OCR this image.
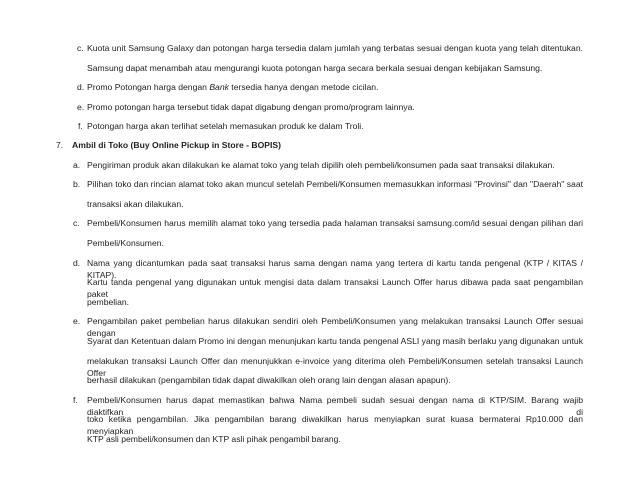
c. Kuota unit Samsung Galaxy dan potongan harga tersedia dalam jumlah yang terbatas sesuai dengan kuota yang telah ditentukan.
Samsung dapat menambah atau mengurangi kuota potongan harga secara berkala sesuai dengan kebijakan Samsung.
d. Promo Potongan harga dengan Bank tersedia hanya dengan metode cicilan.
e. Promo potongan harga tersebut tidak dapat digabung dengan promo/program lainnya.
f. Potongan harga akan terlihat setelah memasukan produk ke dalam Troli.
7. Ambil di Toko (Buy Online Pickup in Store - BOPIS)
a. Pengiriman produk akan dilakukan ke alamat toko yang telah dipilih oleh pembeli/konsumen pada saat transaksi dilakukan.
b. Pilihan toko dan rincian alamat toko akan muncul setelah Pembeli/Konsumen memasukkan informasi "Provinsi" dan "Daerah" saat
transaksi akan dilakukan.
c. Pembeli/Konsumen harus memilih alamat toko yang tersedia pada halaman transaksi samsung.com/id sesuai dengan pilihan dari
Pembeli/Konsumen.
d. Nama yang dicantumkan pada saat transaksi harus sama dengan nama yang tertera di kartu tanda pengenal (KTP / KITAS / KITAP).
Kartu tanda pengenal yang digunakan untuk mengisi data dalam transaksi Launch Offer harus dibawa pada saat pengambilan paket
pembelian.
e. Pengambilan paket pembelian harus dilakukan sendiri oleh Pembeli/Konsumen yang melakukan transaksi Launch Offer sesuai dengan
Syarat dan Ketentuan dalam Promo ini dengan menunjukan kartu tanda pengenal ASLI yang masih berlaku yang digunakan untuk
melakukan transaksi Launch Offer dan menunjukkan e-invoice yang diterima oleh Pembeli/Konsumen setelah transaksi Launch Offer
berhasil dilakukan (pengambilan tidak dapat diwakilkan oleh orang lain dengan alasan apapun).
f. Pembeli/Konsumen harus dapat memastikan bahwa Nama pembeli sudah sesuai dengan nama di KTP/SIM. Barang wajib diaktifkan di
toko ketika pengambilan. Jika pengambilan barang diwakilkan harus menyiapkan surat kuasa bermaterai Rp10.000 dan menyiapkan
KTP asli pembeli/konsumen dan KTP asli pihak pengambil barang.
